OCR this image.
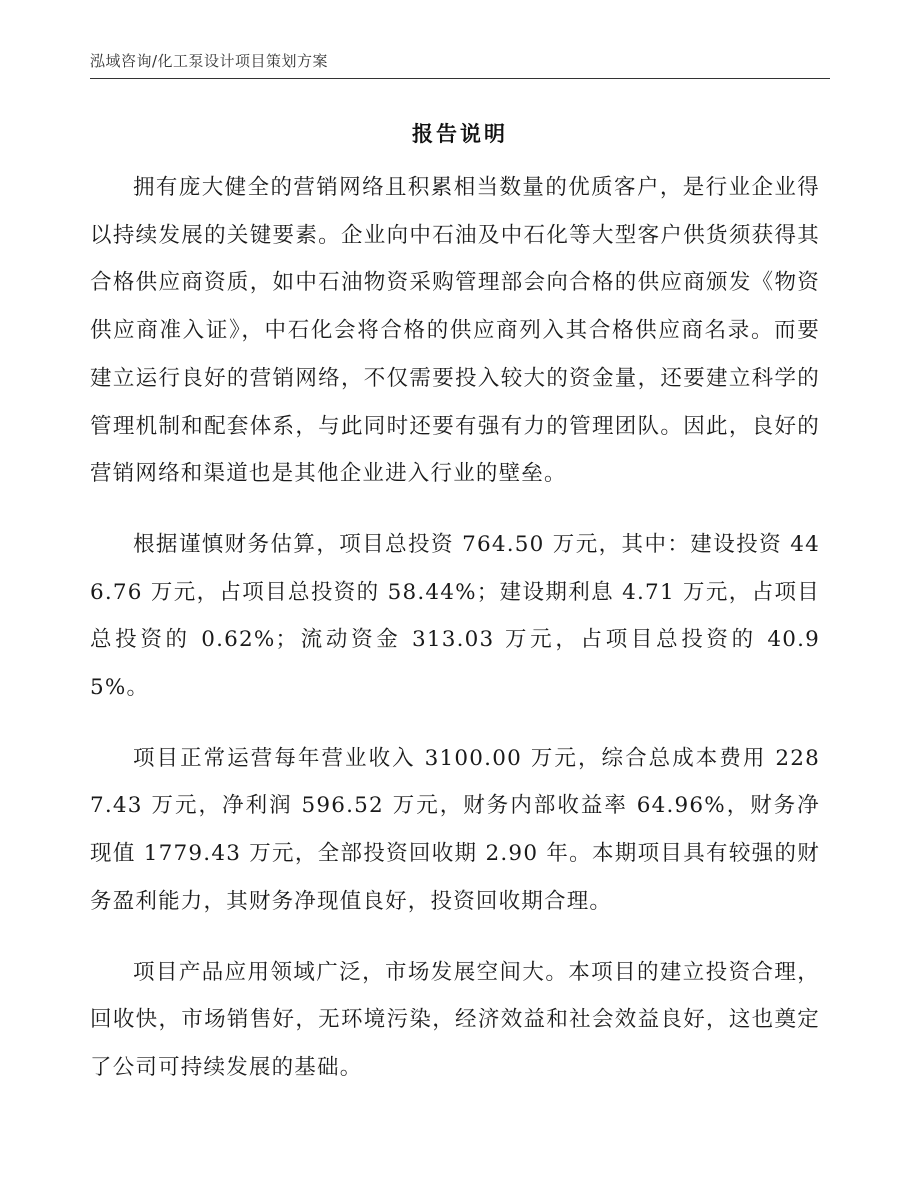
泓域咨询/化工泵设计项目策划方案
报告说明

拥有庞大健全的营销网络且积累相当数量的优质客户，是行业企业得以持续发展的关键要素。企业向中石油及中石化等大型客户供货须获得其合格供应商资质，如中石油物资采购管理部会向合格的供应商颁发《物资供应商准入证》，中石化会将合格的供应商列入其合格供应商名录。而要建立运行良好的营销网络，不仅需要投入较大的资金量，还要建立科学的管理机制和配套体系，与此同时还要有强有力的管理团队。因此，良好的营销网络和渠道也是其他企业进入行业的壁垒。

根据谨慎财务估算，项目总投资 764.50 万元，其中：建设投资 446.76 万元，占项目总投资的 58.44%；建设期利息 4.71 万元，占项目总投资的 0.62%；流动资金 313.03 万元，占项目总投资的 40.95%。

项目正常运营每年营业收入 3100.00 万元，综合总成本费用 2287.43 万元，净利润 596.52 万元，财务内部收益率 64.96%，财务净现值 1779.43 万元，全部投资回收期 2.90 年。本期项目具有较强的财务盈利能力，其财务净现值良好，投资回收期合理。

项目产品应用领域广泛，市场发展空间大。本项目的建立投资合理，回收快，市场销售好，无环境污染，经济效益和社会效益良好，这也奠定了公司可持续发展的基础。
